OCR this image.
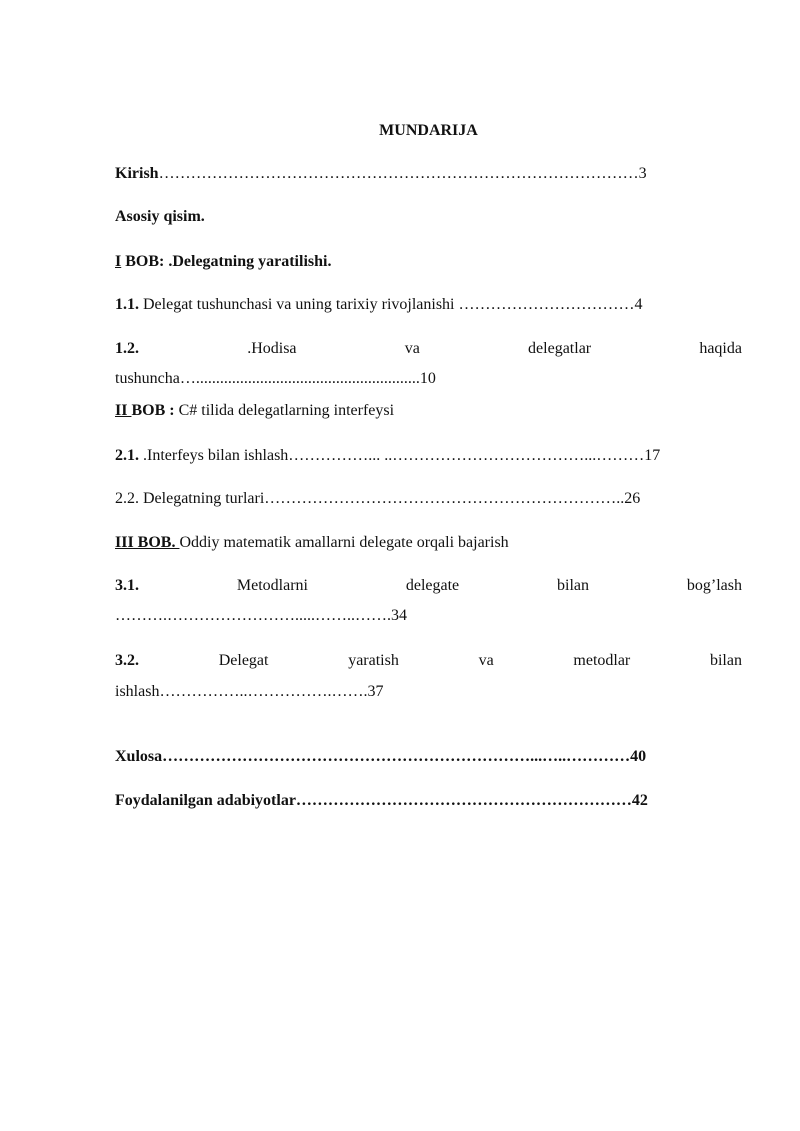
MUNDARIJA
Kirish………………………………………………………………………………3
Asosiy qisim.
I BOB: .Delegatning yaratilishi.
1.1. Delegat tushunchasi va uning tarixiy rivojlanishi ……………………………4
1.2.	.Hodisa	va	delegatlar	haqida
tushuncha…........................................................10
II BOB : C# tilida delegatlarning interfeysi
2.1. .Interfeys bilan ishlash……………... ..………………………………...………17
2.2. Delegatning turlari…………………………………………………………..26
III BOB. Oddiy matematik amallarni delegate orqali bajarish
3.1.	Metodlarni	delegate	bilan	bog’lash
……….…………………….....……..…….34
3.2.	Delegat	yaratish	va	metodlar	bilan
ishlash……………..…………….…….37
Xulosa……………………………………………………………...…..…………40
Foydalanilgan adabiyotlar………………………………………………………42
